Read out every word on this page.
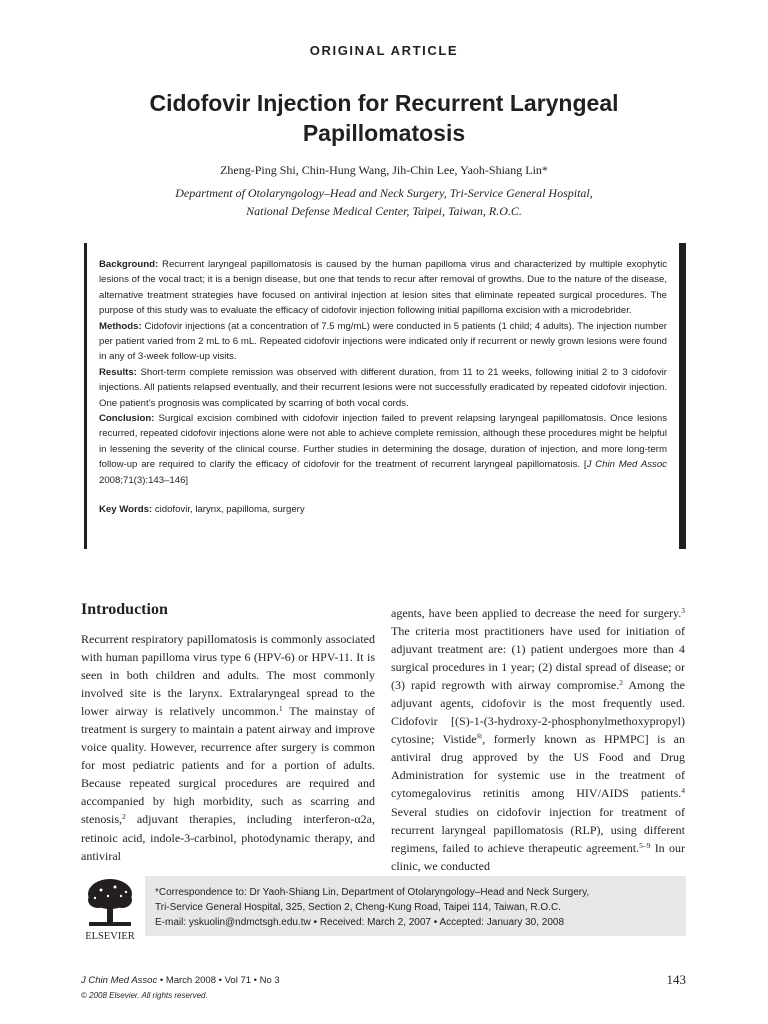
ORIGINAL ARTICLE
Cidofovir Injection for Recurrent Laryngeal Papillomatosis
Zheng-Ping Shi, Chin-Hung Wang, Jih-Chin Lee, Yaoh-Shiang Lin*
Department of Otolaryngology–Head and Neck Surgery, Tri-Service General Hospital,
National Defense Medical Center, Taipei, Taiwan, R.O.C.

Background: Recurrent laryngeal papillomatosis is caused by the human papilloma virus and characterized by multiple exophytic lesions of the vocal tract; it is a benign disease, but one that tends to recur after removal of growths. Due to the nature of the disease, alternative treatment strategies have focused on antiviral injection at lesion sites that eliminate repeated surgical procedures. The purpose of this study was to evaluate the efficacy of cidofovir injection following initial papilloma excision with a microdebrider.

Methods: Cidofovir injections (at a concentration of 7.5 mg/mL) were conducted in 5 patients (1 child; 4 adults). The injection number per patient varied from 2 mL to 6 mL. Repeated cidofovir injections were indicated only if recurrent or newly grown lesions were found in any of 3-week follow-up visits.

Results: Short-term complete remission was observed with different duration, from 11 to 21 weeks, following initial 2 to 3 cidofovir injections. All patients relapsed eventually, and their recurrent lesions were not successfully eradicated by repeated cidofovir injection. One patient’s prognosis was complicated by scarring of both vocal cords.

Conclusion: Surgical excision combined with cidofovir injection failed to prevent relapsing laryngeal papillomatosis. Once lesions recurred, repeated cidofovir injections alone were not able to achieve complete remission, although these procedures might be helpful in lessening the severity of the clinical course. Further studies in determining the dosage, duration of injection, and more long-term follow-up are required to clarify the efficacy of cidofovir for the treatment of recurrent laryngeal papillomatosis. [J Chin Med Assoc 2008;71(3):143–146]

Key Words: cidofovir, larynx, papilloma, surgery

Introduction

Recurrent respiratory papillomatosis is commonly associated with human papilloma virus type 6 (HPV-6) or HPV-11. It is seen in both children and adults. The most commonly involved site is the larynx. Extralaryngeal spread to the lower airway is relatively uncommon.$^1$ The mainstay of treatment is surgery to maintain a patent airway and improve voice quality. However, recurrence after surgery is common for most pediatric patients and for a portion of adults. Because repeated surgical procedures are required and accompanied by high morbidity, such as scarring and stenosis,$^2$ adjuvant therapies, including interferon-α2a, retinoic acid, indole-3-carbinol, photodynamic therapy, and antiviral

agents, have been applied to decrease the need for surgery.$^3$ The criteria most practitioners have used for initiation of adjuvant treatment are: (1) patient undergoes more than 4 surgical procedures in 1 year; (2) distal spread of disease; or (3) rapid regrowth with airway compromise.$^2$ Among the adjuvant agents, cidofovir is the most frequently used. Cidofovir [(S)-1-(3-hydroxy-2-phosphonylmethoxypropyl) cytosine; Vistide®, formerly known as HPMPC] is an antiviral drug approved by the US Food and Drug Administration for systemic use in the treatment of cytomegalovirus retinitis among HIV/AIDS patients.$^4$ Several studies on cidofovir injection for treatment of recurrent laryngeal papillomatosis (RLP), using different regimens, failed to achieve therapeutic agreement.$^{5-9}$ In our clinic, we conducted

ELSEVIER
*Correspondence to: Dr Yaoh-Shiang Lin, Department of Otolaryngology–Head and Neck Surgery,
Tri-Service General Hospital, 325, Section 2, Cheng-Kung Road, Taipei 114, Taiwan, R.O.C.
E-mail: yskuolin@ndmctsgh.edu.tw • Received: March 2, 2007 • Accepted: January 30, 2008
J Chin Med Assoc • March 2008 • Vol 71 • No 3
© 2008 Elsevier. All rights reserved.
143
